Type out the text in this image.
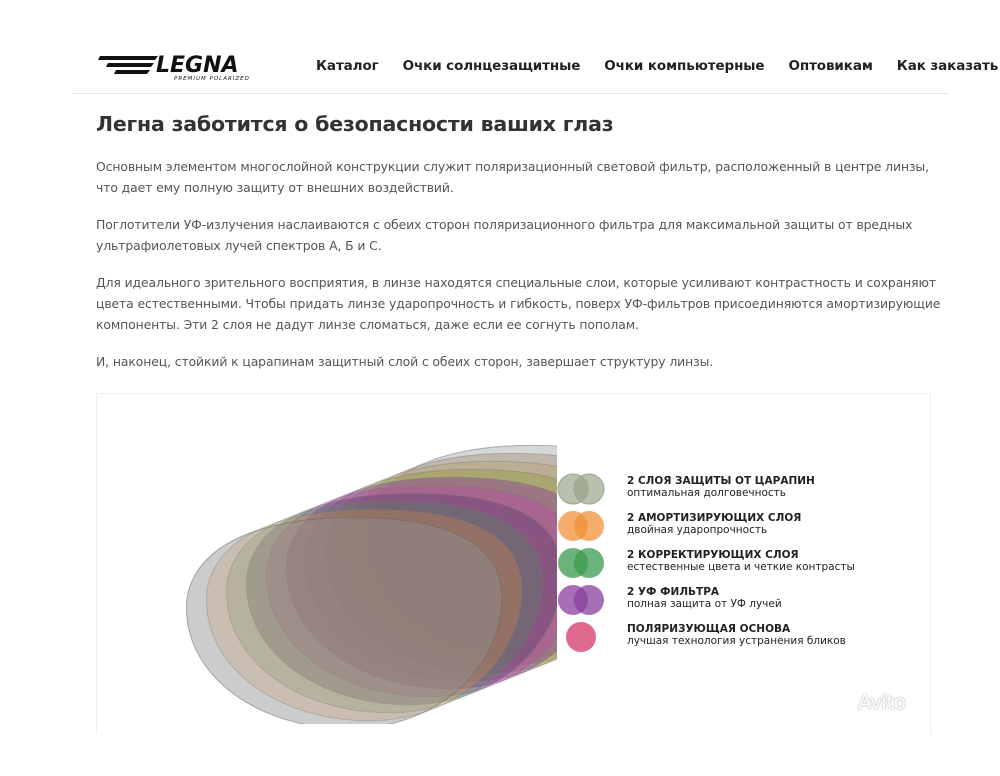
LEGNA
PREMIUM POLARIZED
Каталог Очки солнцезащитные Очки компьютерные Оптовикам Как заказать
Легна заботится о безопасности ваших глаз

Основным элементом многослойной конструкции служит поляризационный световой фильтр, расположенный в центре линзы, что дает ему полную защиту от внешних воздействий.

Поглотители УФ-излучения наслаиваются с обеих сторон поляризационного фильтра для максимальной защиты от вредных ультрафиолетовых лучей спектров А, Б и С.

Для идеального зрительного восприятия, в линзе находятся специальные слои, которые усиливают контрастность и сохраняют цвета естественными. Чтобы придать линзе ударопрочность и гибкость, поверх УФ-фильтров присоединяются амортизирующие компоненты. Эти 2 слоя не дадут линзе сломаться, даже если ее согнуть пополам.

И, наконец, стойкий к царапинам защитный слой с обеих сторон, завершает структуру линзы.

2 СЛОЯ ЗАЩИТЫ ОТ ЦАРАПИН
оптимальная долговечность
2 АМОРТИЗИРУЮЩИХ СЛОЯ
двойная ударопрочность
2 КОРРЕКТИРУЮЩИХ СЛОЯ
естественные цвета и четкие контрасты
2 УФ ФИЛЬТРА
полная защита от УФ лучей
ПОЛЯРИЗУЮЩАЯ ОСНОВА
лучшая технология устранения бликов
Avito
